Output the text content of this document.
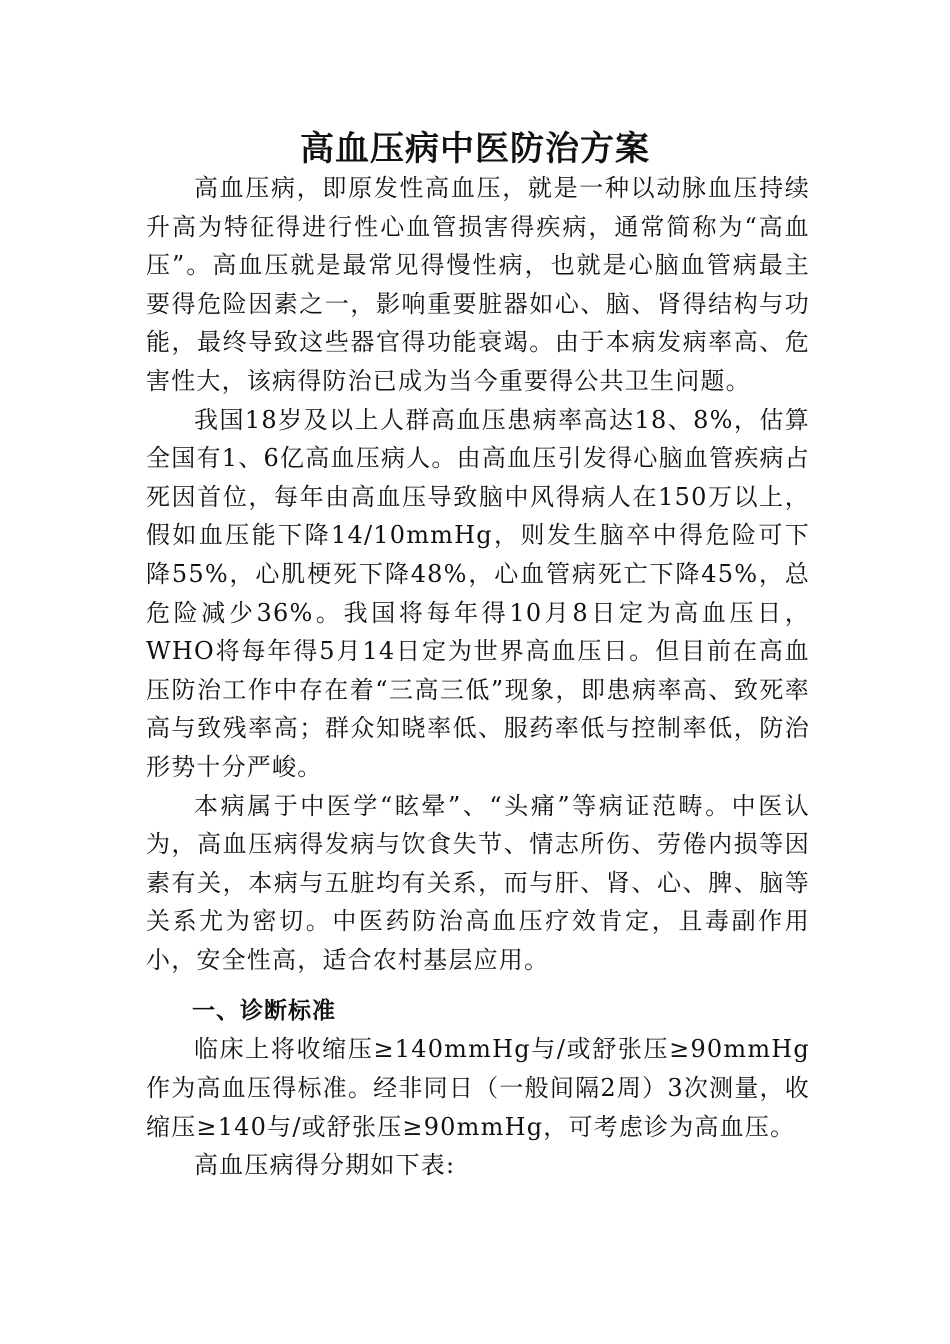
高血压病中医防治方案

高血压病，即原发性高血压，就是一种以动脉血压持续升高为特征得进行性心血管损害得疾病，通常简称为“高血压”。高血压就是最常见得慢性病，也就是心脑血管病最主要得危险因素之一，影响重要脏器如心、脑、肾得结构与功能，最终导致这些器官得功能衰竭。由于本病发病率高、危害性大，该病得防治已成为当今重要得公共卫生问题。

我国18岁及以上人群高血压患病率高达18、8%，估算全国有1、6亿高血压病人。由高血压引发得心脑血管疾病占死因首位，每年由高血压导致脑中风得病人在150万以上，假如血压能下降14/10mmHg，则发生脑卒中得危险可下降55%，心肌梗死下降48%，心血管病死亡下降45%，总危险减少36%。我国将每年得10月8日定为高血压日，WHO将每年得5月14日定为世界高血压日。但目前在高血压防治工作中存在着“三高三低”现象，即患病率高、致死率高与致残率高；群众知晓率低、服药率低与控制率低，防治形势十分严峻。

本病属于中医学“眩晕”、“头痛”等病证范畴。中医认为，高血压病得发病与饮食失节、情志所伤、劳倦内损等因素有关，本病与五脏均有关系，而与肝、肾、心、脾、脑等关系尤为密切。中医药防治高血压疗效肯定，且毒副作用小，安全性高，适合农村基层应用。

一、诊断标准

临床上将收缩压≥140mmHg与/或舒张压≥90mmHg作为高血压得标准。经非同日（一般间隔2周）3次测量，收缩压≥140与/或舒张压≥90mmHg，可考虑诊为高血压。

高血压病得分期如下表:
